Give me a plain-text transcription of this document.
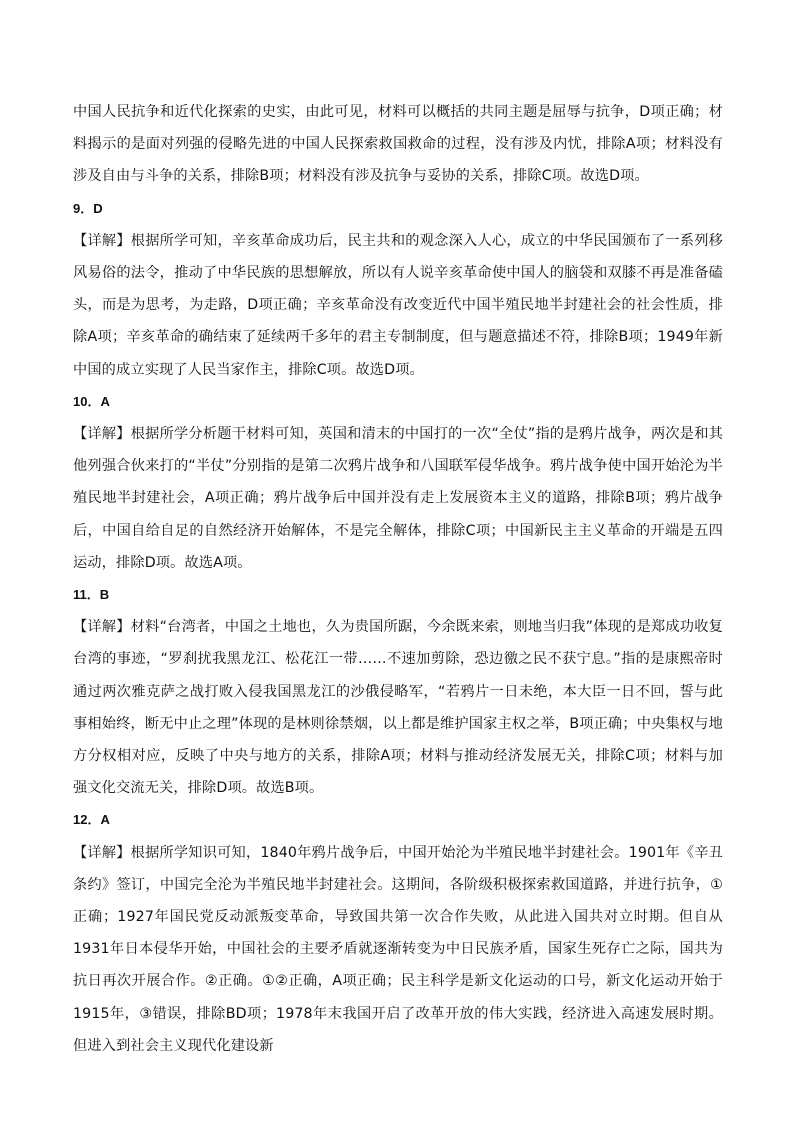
中国人民抗争和近代化探索的史实，由此可见，材料可以概括的共同主题是屈辱与抗争，D项正确；材料揭示的是面对列强的侵略先进的中国人民探索救国救命的过程，没有涉及内忧，排除A项；材料没有涉及自由与斗争的关系，排除B项；材料没有涉及抗争与妥协的关系，排除C项。故选D项。

9．D

【详解】根据所学可知，辛亥革命成功后，民主共和的观念深入人心，成立的中华民国颁布了一系列移风易俗的法令，推动了中华民族的思想解放，所以有人说辛亥革命使中国人的脑袋和双膝不再是准备磕头，而是为思考，为走路，D项正确；辛亥革命没有改变近代中国半殖民地半封建社会的社会性质，排除A项；辛亥革命的确结束了延续两千多年的君主专制制度，但与题意描述不符，排除B项；1949年新中国的成立实现了人民当家作主，排除C项。故选D项。

10．A

【详解】根据所学分析题干材料可知，英国和清末的中国打的一次“全仗”指的是鸦片战争，两次是和其他列强合伙来打的“半仗”分别指的是第二次鸦片战争和八国联军侵华战争。鸦片战争使中国开始沦为半殖民地半封建社会，A项正确；鸦片战争后中国并没有走上发展资本主义的道路，排除B项；鸦片战争后，中国自给自足的自然经济开始解体，不是完全解体，排除C项；中国新民主主义革命的开端是五四运动，排除D项。故选A项。

11．B

【详解】材料“台湾者，中国之土地也，久为贵国所踞，今余既来索，则地当归我”体现的是郑成功收复台湾的事迹，“罗刹扰我黑龙江、松花江一带……不速加剪除，恐边徼之民不获宁息。”指的是康熙帝时通过两次雅克萨之战打败入侵我国黑龙江的沙俄侵略军，“若鸦片一日未绝，本大臣一日不回，誓与此事相始终，断无中止之理”体现的是林则徐禁烟，以上都是维护国家主权之举，B项正确；中央集权与地方分权相对应，反映了中央与地方的关系，排除A项；材料与推动经济发展无关，排除C项；材料与加强文化交流无关，排除D项。故选B项。

12．A

【详解】根据所学知识可知，1840年鸦片战争后，中国开始沦为半殖民地半封建社会。1901年《辛丑条约》签订，中国完全沦为半殖民地半封建社会。这期间，各阶级积极探索救国道路，并进行抗争，①正确；1927年国民党反动派叛变革命，导致国共第一次合作失败，从此进入国共对立时期。但自从1931年日本侵华开始，中国社会的主要矛盾就逐渐转变为中日民族矛盾，国家生死存亡之际，国共为抗日再次开展合作。②正确。①②正确，A项正确；民主科学是新文化运动的口号，新文化运动开始于1915年，③错误，排除BD项；1978年末我国开启了改革开放的伟大实践，经济进入高速发展时期。但进入到社会主义现代化建设新
